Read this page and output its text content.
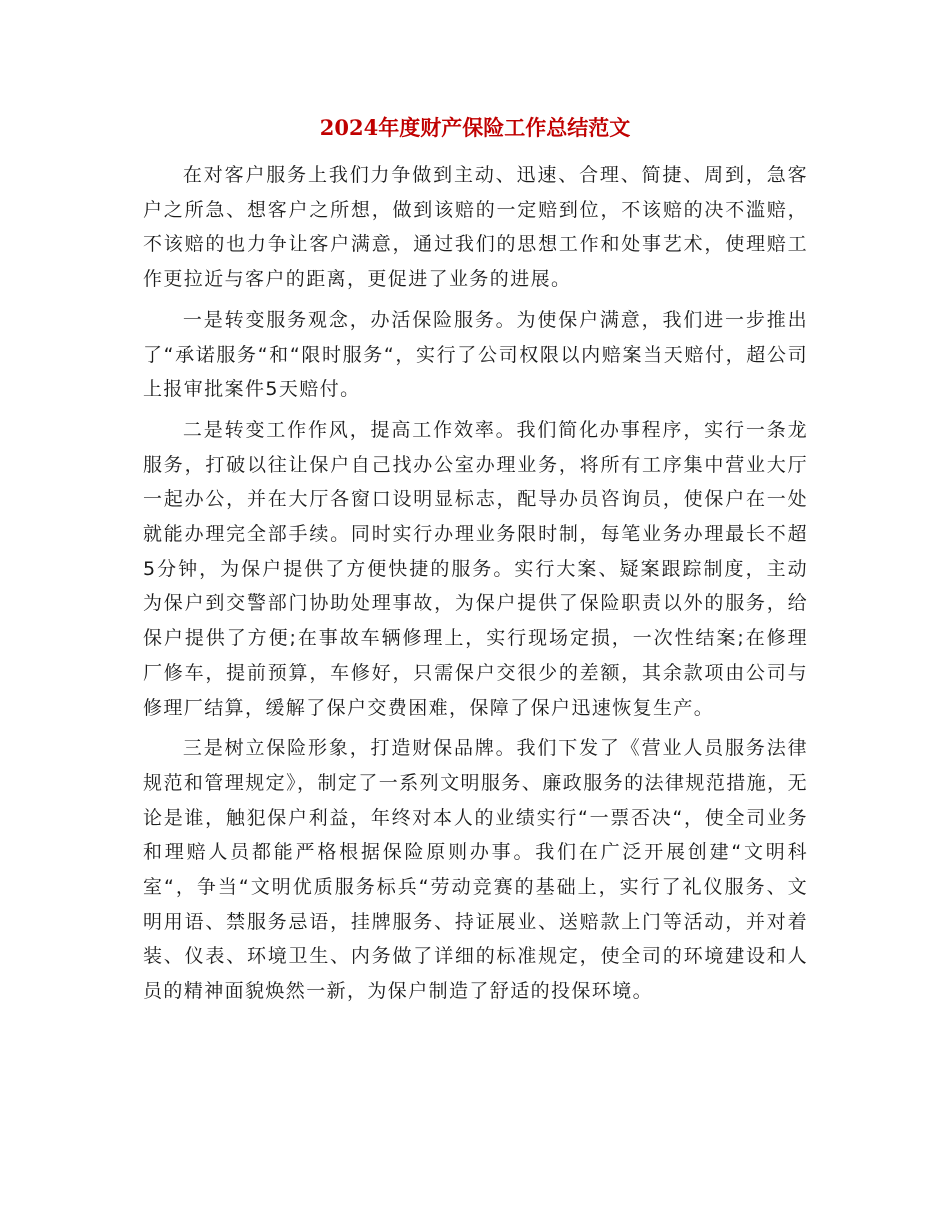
2024年度财产保险工作总结范文

在对客户服务上我们力争做到主动、迅速、合理、简捷、周到，急客户之所急、想客户之所想，做到该赔的一定赔到位，不该赔的决不滥赔，不该赔的也力争让客户满意，通过我们的思想工作和处事艺术，使理赔工作更拉近与客户的距离，更促进了业务的进展。

一是转变服务观念，办活保险服务。为使保户满意，我们进一步推出了“承诺服务“和“限时服务“，实行了公司权限以内赔案当天赔付，超公司上报审批案件5天赔付。

二是转变工作作风，提高工作效率。我们简化办事程序，实行一条龙服务，打破以往让保户自己找办公室办理业务，将所有工序集中营业大厅一起办公，并在大厅各窗口设明显标志，配导办员咨询员，使保户在一处就能办理完全部手续。同时实行办理业务限时制，每笔业务办理最长不超5分钟，为保户提供了方便快捷的服务。实行大案、疑案跟踪制度，主动为保户到交警部门协助处理事故，为保户提供了保险职责以外的服务，给保户提供了方便;在事故车辆修理上，实行现场定损，一次性结案;在修理厂修车，提前预算，车修好，只需保户交很少的差额，其余款项由公司与修理厂结算，缓解了保户交费困难，保障了保户迅速恢复生产。

三是树立保险形象，打造财保品牌。我们下发了《营业人员服务法律规范和管理规定》，制定了一系列文明服务、廉政服务的法律规范措施，无论是谁，触犯保户利益，年终对本人的业绩实行“一票否决“，使全司业务和理赔人员都能严格根据保险原则办事。我们在广泛开展创建“文明科室“，争当“文明优质服务标兵“劳动竞赛的基础上，实行了礼仪服务、文明用语、禁服务忌语，挂牌服务、持证展业、送赔款上门等活动，并对着装、仪表、环境卫生、内务做了详细的标准规定，使全司的环境建设和人员的精神面貌焕然一新，为保户制造了舒适的投保环境。
